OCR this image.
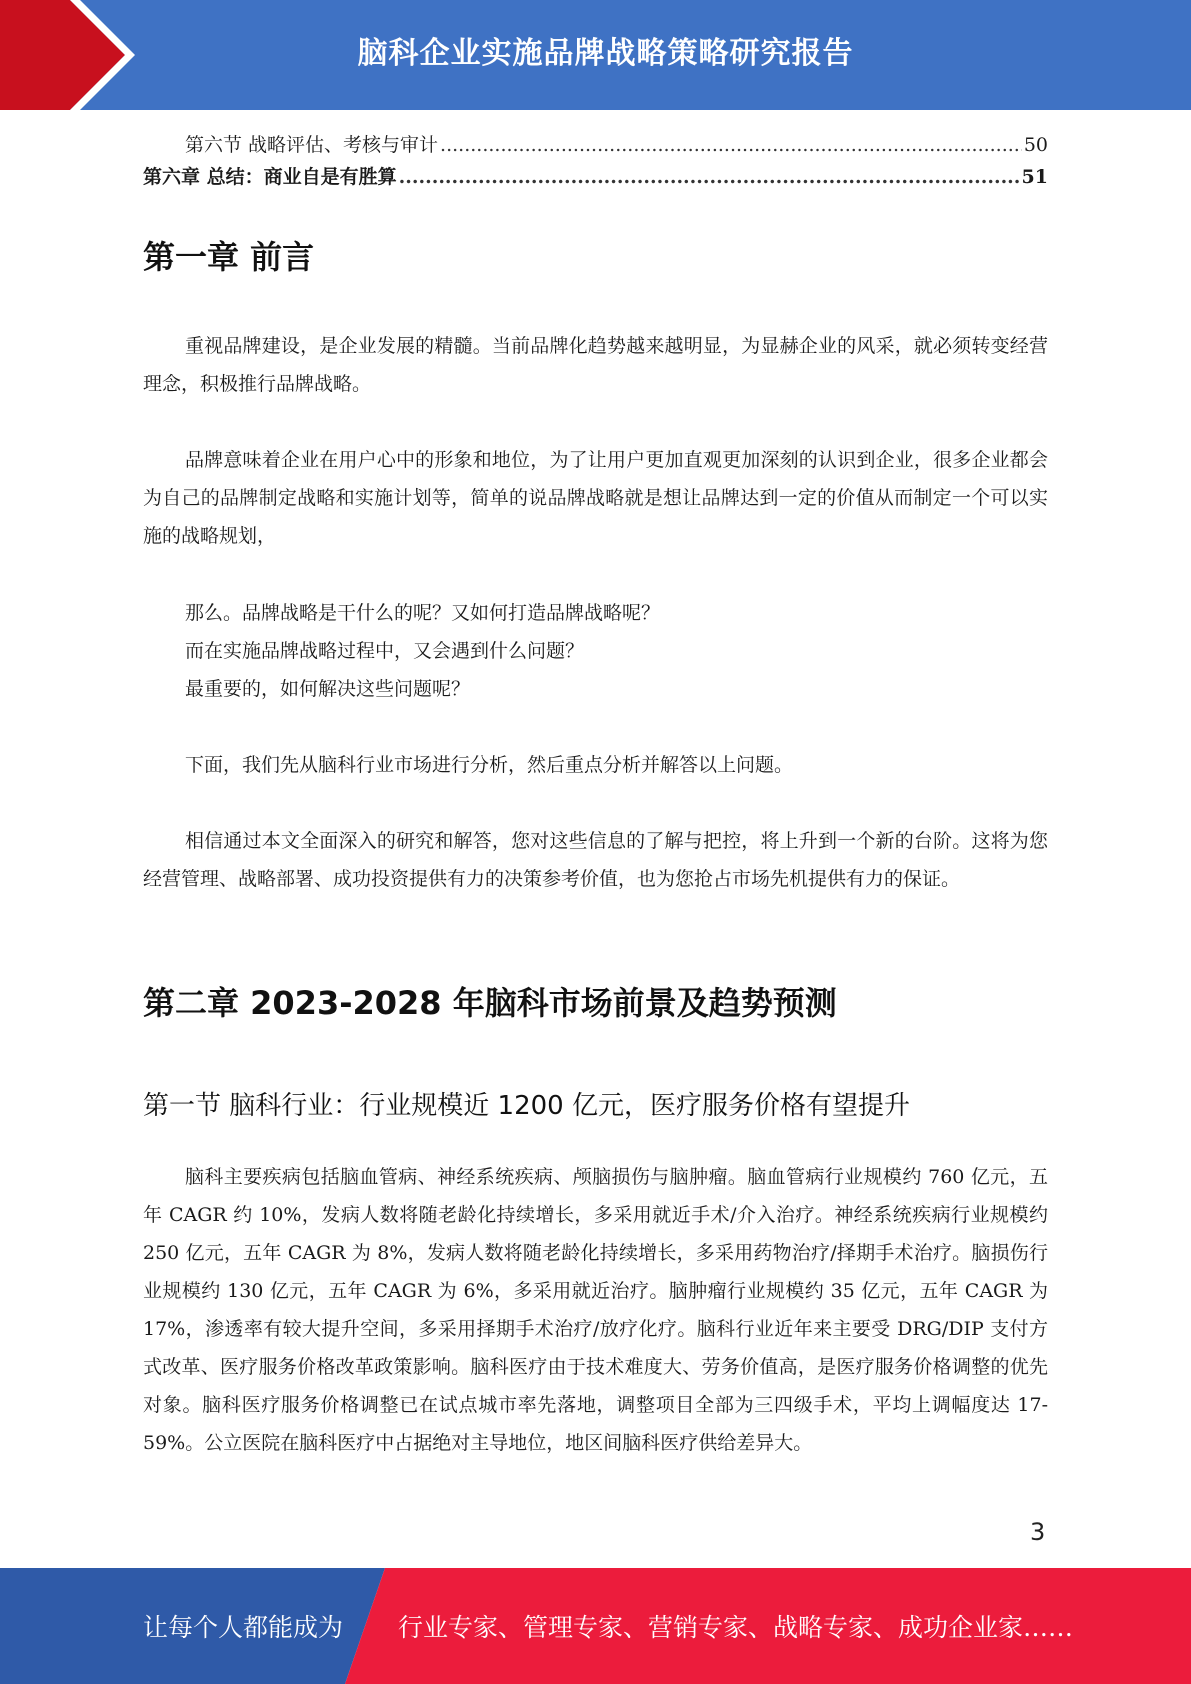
脑科企业实施品牌战略策略研究报告
第六节 战略评估、考核与审计 .....	50
第六章 总结：商业自是有胜算 .....	51
第一章 前言
重视品牌建设，是企业发展的精髓。当前品牌化趋势越来越明显，为显赫企业的风采，就必须转变经营理念，积极推行品牌战略。
品牌意味着企业在用户心中的形象和地位，为了让用户更加直观更加深刻的认识到企业，很多企业都会为自己的品牌制定战略和实施计划等，简单的说品牌战略就是想让品牌达到一定的价值从而制定一个可以实施的战略规划，
那么。品牌战略是干什么的呢？又如何打造品牌战略呢？
而在实施品牌战略过程中，又会遇到什么问题？
最重要的，如何解决这些问题呢？
下面，我们先从脑科行业市场进行分析，然后重点分析并解答以上问题。
相信通过本文全面深入的研究和解答，您对这些信息的了解与把控，将上升到一个新的台阶。这将为您经营管理、战略部署、成功投资提供有力的决策参考价值，也为您抢占市场先机提供有力的保证。
第二章 2023-2028 年脑科市场前景及趋势预测
第一节 脑科行业：行业规模近 1200 亿元，医疗服务价格有望提升
脑科主要疾病包括脑血管病、神经系统疾病、颅脑损伤与脑肿瘤。脑血管病行业规模约 760 亿元，五年 CAGR 约 10%，发病人数将随老龄化持续增长，多采用就近手术/介入治疗。神经系统疾病行业规模约 250 亿元，五年 CAGR 为 8%，发病人数将随老龄化持续增长，多采用药物治疗/择期手术治疗。脑损伤行业规模约 130 亿元，五年 CAGR 为 6%，多采用就近治疗。脑肿瘤行业规模约 35 亿元，五年 CAGR 为 17%，渗透率有较大提升空间，多采用择期手术治疗/放疗化疗。脑科行业近年来主要受 DRG/DIP 支付方式改革、医疗服务价格改革政策影响。脑科医疗由于技术难度大、劳务价值高，是医疗服务价格调整的优先对象。脑科医疗服务价格调整已在试点城市率先落地，调整项目全部为三四级手术，平均上调幅度达 17-59%。公立医院在脑科医疗中占据绝对主导地位，地区间脑科医疗供给差异大。
3
让每个人都能成为 行业专家、管理专家、营销专家、战略专家、成功企业家……
